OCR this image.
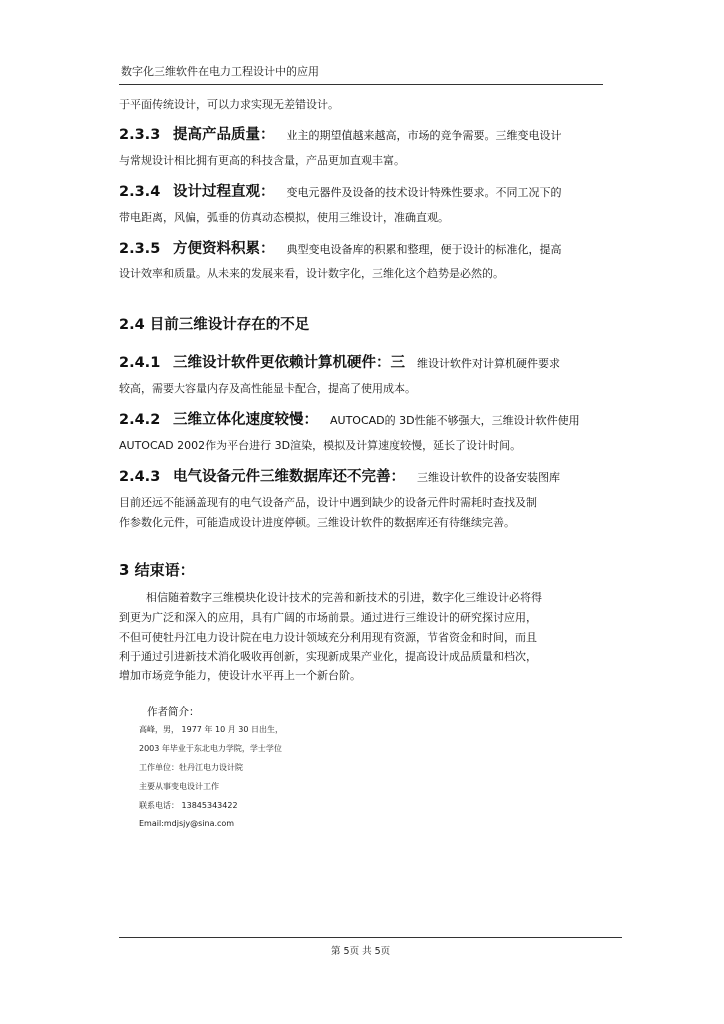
数字化三维软件在电力工程设计中的应用
于平面传统设计，可以力求实现无差错设计。
2.3.3 提高产品质量： 业主的期望值越来越高，市场的竞争需要。三维变电设计
与常规设计相比拥有更高的科技含量，产品更加直观丰富。
2.3.4 设计过程直观： 变电元器件及设备的技术设计特殊性要求。不同工况下的
带电距离，风偏，弧垂的仿真动态模拟，使用三维设计，准确直观。
2.3.5 方便资料积累： 典型变电设备库的积累和整理，便于设计的标准化，提高
设计效率和质量。从未来的发展来看，设计数字化，三维化这个趋势是必然的。
2.4 目前三维设计存在的不足
2.4.1 三维设计软件更依赖计算机硬件：三 维设计软件对计算机硬件要求
较高，需要大容量内存及高性能显卡配合，提高了使用成本。
2.4.2 三维立体化速度较慢： AUTOCAD的 3D性能不够强大，三维设计软件使用
AUTOCAD 2002作为平台进行 3D渲染，模拟及计算速度较慢，延长了设计时间。
2.4.3 电气设备元件三维数据库还不完善： 三维设计软件的设备安装图库
目前还远不能涵盖现有的电气设备产品，设计中遇到缺少的设备元件时需耗时查找及制
作参数化元件，可能造成设计进度停顿。三维设计软件的数据库还有待继续完善。
3 结束语：
相信随着数字三维模块化设计技术的完善和新技术的引进，数字化三维设计必将得
到更为广泛和深入的应用，具有广阔的市场前景。通过进行三维设计的研究探讨应用，
不但可使牡丹江电力设计院在电力设计领域充分利用现有资源，节省资金和时间，而且
利于通过引进新技术消化吸收再创新，实现新成果产业化，提高设计成品质量和档次，
增加市场竞争能力，使设计水平再上一个新台阶。
作者简介：
高峰，男， 1977 年 10 月 30 日出生，
2003 年毕业于东北电力学院，学士学位
工作单位：牡丹江电力设计院
主要从事变电设计工作
联系电话： 13845343422
Email:mdjsjy@sina.com
第 5页 共 5页
